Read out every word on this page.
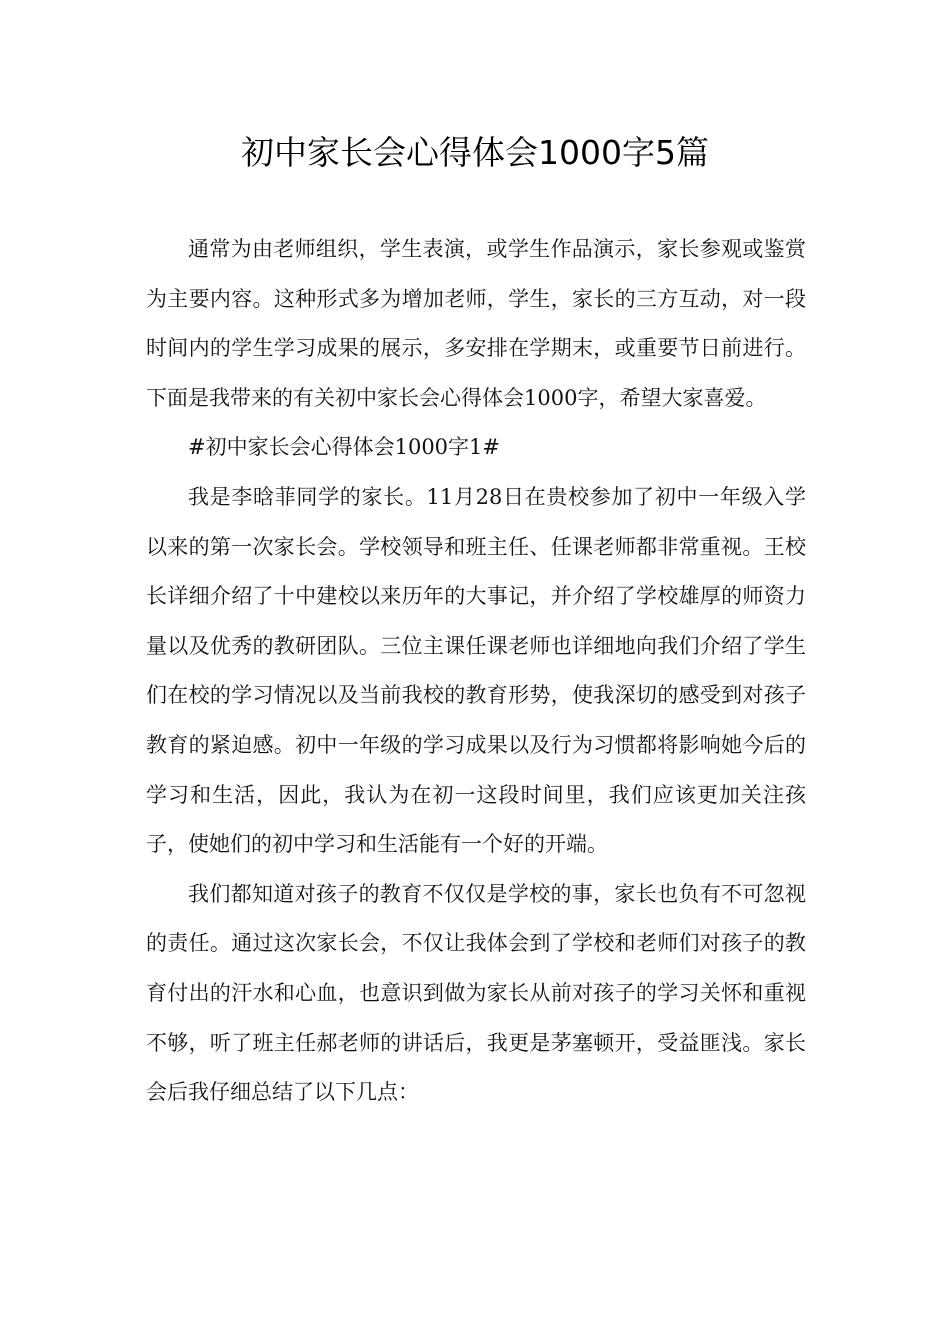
初中家长会心得体会1000字5篇

通常为由老师组织，学生表演，或学生作品演示，家长参观或鉴赏为主要内容。这种形式多为增加老师，学生，家长的三方互动，对一段时间内的学生学习成果的展示，多安排在学期末，或重要节日前进行。下面是我带来的有关初中家长会心得体会1000字，希望大家喜爱。

#初中家长会心得体会1000字1#

我是李晗菲同学的家长。11月28日在贵校参加了初中一年级入学以来的第一次家长会。学校领导和班主任、任课老师都非常重视。王校长详细介绍了十中建校以来历年的大事记，并介绍了学校雄厚的师资力量以及优秀的教研团队。三位主课任课老师也详细地向我们介绍了学生们在校的学习情况以及当前我校的教育形势，使我深切的感受到对孩子教育的紧迫感。初中一年级的学习成果以及行为习惯都将影响她今后的学习和生活，因此，我认为在初一这段时间里，我们应该更加关注孩子，使她们的初中学习和生活能有一个好的开端。

我们都知道对孩子的教育不仅仅是学校的事，家长也负有不可忽视的责任。通过这次家长会，不仅让我体会到了学校和老师们对孩子的教育付出的汗水和心血，也意识到做为家长从前对孩子的学习关怀和重视不够，听了班主任郝老师的讲话后，我更是茅塞顿开，受益匪浅。家长会后我仔细总结了以下几点：
